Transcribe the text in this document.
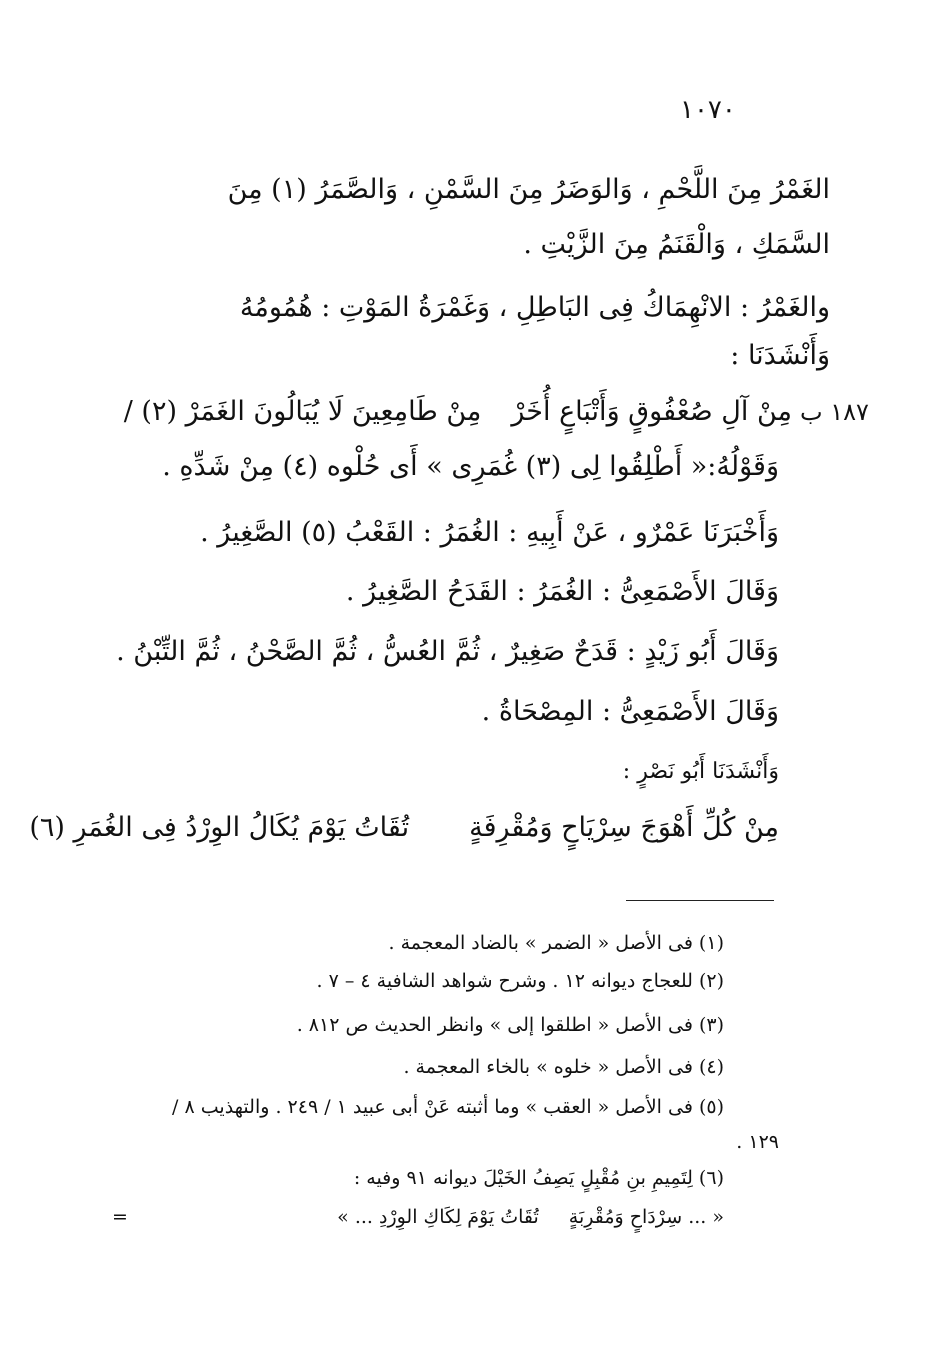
١٠٧٠
الغَمْرُ مِنَ اللَّحْمِ ، وَالوَضَرُ مِنَ السَّمْنِ ، وَالصَّمَرُ (١) مِنَ
السَّمَكِ ، وَالْقَنَمُ مِنَ الزَّيْتِ .
والغَمْرُ : الانْهِمَاكُ فِى البَاطِلِ ، وَغَمْرَةُ المَوْتِ : هُمُومُهُ
وَأَنْشَدَنَا :
١٨٧ ب
مِنْ آلِ صُعْفُوقٍ وَأَتْبَاعٍ أُخَرْمِنْ طَامِعِينَ لَا يُبَالُونَ الغَمَرْ (٢) /
وَقَوْلُهُ:« أَطْلِقُوا لِى (٣) غُمَرِى » أَى حُلْوه (٤) مِنْ شَدِّهِ .
وَأَخْبَرَنَا عَمْرٌو ، عَنْ أَبِيهِ : الغُمَرُ : القَعْبُ (٥) الصَّغِيرُ .
وَقَالَ الأَصْمَعِىُّ : الغُمَرُ : القَدَحُ الصَّغِيرُ .
وَقَالَ أَبُو زَيْدٍ : قَدَحٌ صَغِيرٌ ، ثُمَّ العُسُّ ، ثُمَّ الصَّحْنُ ، ثُمَّ التِّبْنُ .
وَقَالَ الأَصْمَعِىُّ : المِصْحَاةُ .
وَأَنْشَدَنَا أَبُو نَصْرٍ :
مِنْ كُلِّ أَهْوَجَ سِرْيَاحٍ وَمُقْرِفَةٍتُقَاتُ يَوْمَ يُكَالُ الوِرْدُ فِى الغُمَرِ (٦)
(١) فى الأصل « الضمر » بالضاد المعجمة .
(٢) للعجاج ديوانه ١٢ . وشرح شواهد الشافية ٤ – ٧ .
(٣) فى الأصل « اطلقوا إلى » وانظر الحديث ص ٨١٢ .
(٤) فى الأصل « خلوه » بالخاء المعجمة .
(٥) فى الأصل « العقب » وما أثبته عَنْ أبى عبيد ١ / ٢٤٩ . والتهذيب ٨ /
١٢٩ .
(٦) لِتَمِيمِ بنِ مُقْبِلٍ يَصِفُ الخَيْلَ ديوانه ٩١ وفيه :
« ... سِرْدَاحٍ وَمُقْرِبَةٍتُقَاتُ يَوْمَ لِكَاكِ الوِرْدِ ... »
=
